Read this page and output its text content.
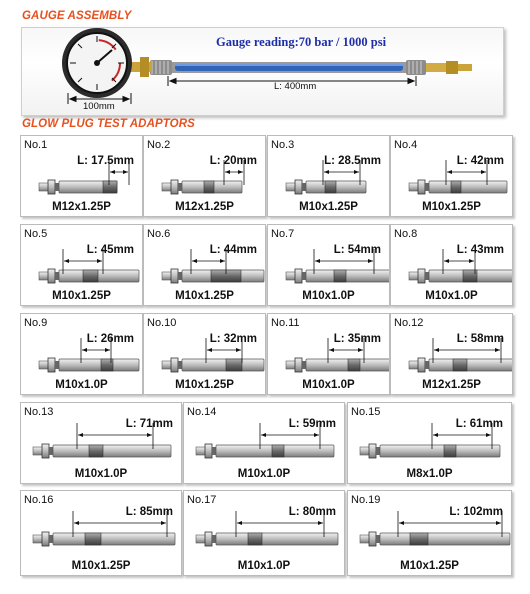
GAUGE ASSEMBLY
Gauge reading:70 bar / 1000 psi
100mm
L: 400mm
GLOW PLUG TEST ADAPTORS
No.1
L: 17.5mm
M12x1.25P
No.2
L: 20mm
M12x1.25P
No.3
L: 28.5mm
M10x1.25P
No.4
L: 42mm
M10x1.25P
No.5
L: 45mm
M10x1.25P
No.6
L: 44mm
M10x1.25P
No.7
L: 54mm
M10x1.0P
No.8
L: 43mm
M10x1.0P
No.9
L: 26mm
M10x1.0P
No.10
L: 32mm
M10x1.25P
No.11
L: 35mm
M10x1.0P
No.12
L: 58mm
M12x1.25P
No.13
L: 71mm
M10x1.0P
No.14
L: 59mm
M10x1.0P
No.15
L: 61mm
M8x1.0P
No.16
L: 85mm
M10x1.25P
No.17
L: 80mm
M10x1.0P
No.19
L: 102mm
M10x1.25P
